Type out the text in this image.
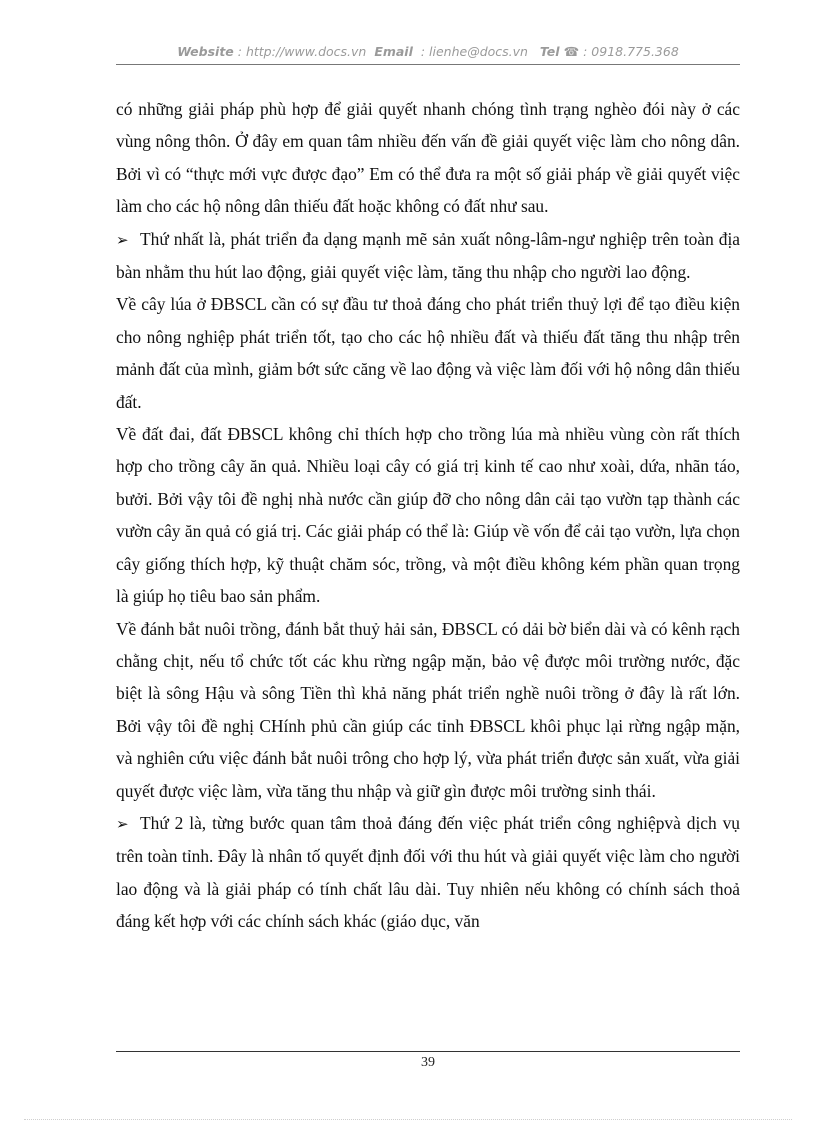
Website : http://www.docs.vn Email : lienhe@docs.vn Tel ☎ : 0918.775.368

có những giải pháp phù hợp để giải quyết nhanh chóng tình trạng nghèo đói này ở các vùng nông thôn. Ở đây em quan tâm nhiều đến vấn đề giải quyết việc làm cho nông dân. Bởi vì có “thực mới vực được đạo” Em có thể đưa ra một số giải pháp về giải quyết việc làm cho các hộ nông dân thiếu đất hoặc không có đất như sau.

➢ Thứ nhất là, phát triển đa dạng mạnh mẽ sản xuất nông-lâm-ngư nghiệp trên toàn địa bàn nhằm thu hút lao động, giải quyết việc làm, tăng thu nhập cho người lao động.

Về cây lúa ở ĐBSCL cần có sự đầu tư thoả đáng cho phát triển thuỷ lợi để tạo điều kiện cho nông nghiệp phát triển tốt, tạo cho các hộ nhiều đất và thiếu đất tăng thu nhập trên mảnh đất của mình, giảm bớt sức căng về lao động và việc làm đối với hộ nông dân thiếu đất.

Về đất đai, đất ĐBSCL không chỉ thích hợp cho trồng lúa mà nhiều vùng còn rất thích hợp cho trồng cây ăn quả. Nhiều loại cây có giá trị kinh tế cao như xoài, dứa, nhãn táo, bưởi. Bởi vậy tôi đề nghị nhà nước cần giúp đỡ cho nông dân cải tạo vườn tạp thành các vườn cây ăn quả có giá trị. Các giải pháp có thể là: Giúp về vốn để cải tạo vườn, lựa chọn cây giống thích hợp, kỹ thuật chăm sóc, trồng, và một điều không kém phần quan trọng là giúp họ tiêu bao sản phẩm.

Về đánh bắt nuôi trồng, đánh bắt thuỷ hải sản, ĐBSCL có dải bờ biển dài và có kênh rạch chằng chịt, nếu tổ chức tốt các khu rừng ngập mặn, bảo vệ được môi trường nước, đặc biệt là sông Hậu và sông Tiền thì khả năng phát triển nghề nuôi trồng ở đây là rất lớn. Bởi vậy tôi đề nghị CHính phủ cần giúp các tỉnh ĐBSCL khôi phục lại rừng ngập mặn, và nghiên cứu việc đánh bắt nuôi trông cho hợp lý, vừa phát triển được sản xuất, vừa giải quyết được việc làm, vừa tăng thu nhập và giữ gìn được môi trường sinh thái.

➢ Thứ 2 là, từng bước quan tâm thoả đáng đến việc phát triển công nghiệpvà dịch vụ trên toàn tỉnh. Đây là nhân tố quyết định đối với thu hút và giải quyết việc làm cho người lao động và là giải pháp có tính chất lâu dài. Tuy nhiên nếu không có chính sách thoả đáng kết hợp với các chính sách khác (giáo dục, văn

39
